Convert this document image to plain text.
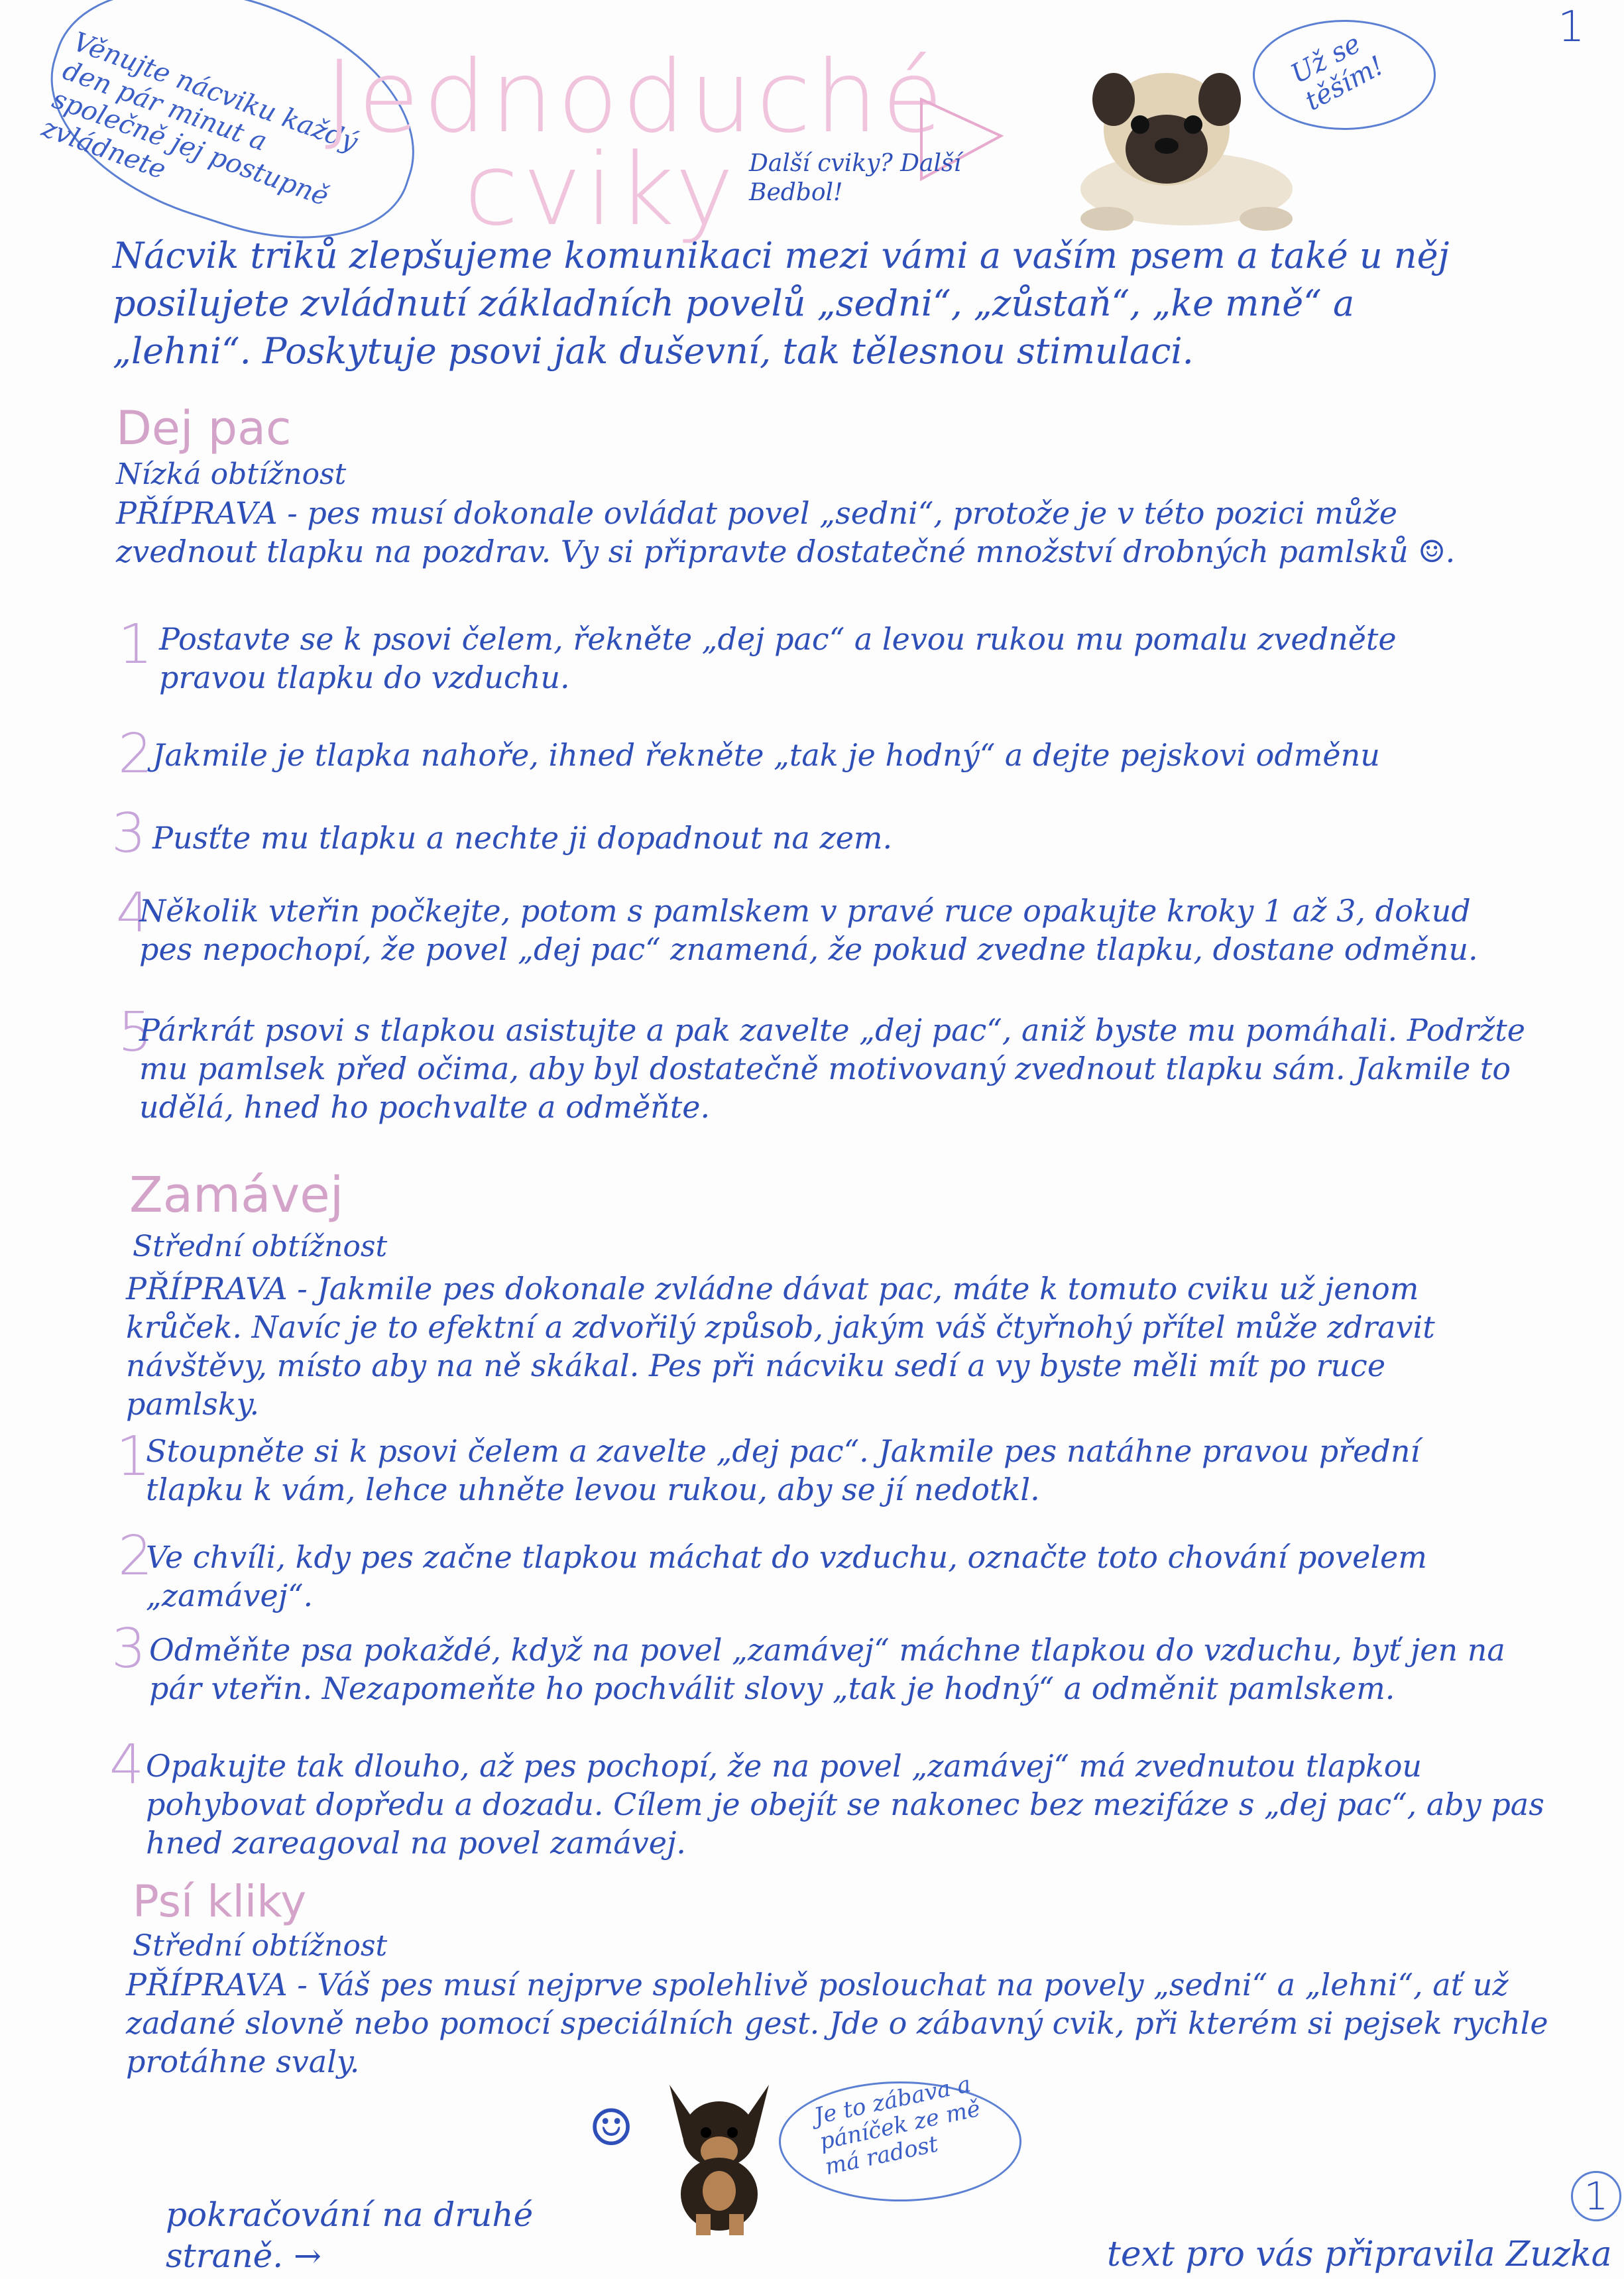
1
Věnujte nácviku každý den pár minut a společně jej postupně zvládnete	Jednoduché
cviky Další cviky? Další Bedbol!
Už se těším!
Nácvik triků zlepšujeme komunikaci mezi vámi a vaším psem a také u něj posilujete zvládnutí základních povelů „sedni“, „zůstaň“, „ke mně“ a „lehni“. Poskytuje psovi jak duševní, tak tělesnou stimulaci.
Dej pac
Nízká obtížnost
PŘÍPRAVA - pes musí dokonale ovládat povel „sedni“, protože je v této pozici může zvednout tlapku na pozdrav. Vy si připravte dostatečné množství drobných pamlsků ☺.
1 Postavte se k psovi čelem, řekněte „dej pac“ a levou rukou mu pomalu zvedněte pravou tlapku do vzduchu.
2 Jakmile je tlapka nahoře, ihned řekněte „tak je hodný“ a dejte pejskovi odměnu
3 Pusťte mu tlapku a nechte ji dopadnout na zem.
4
Několik vteřin počkejte, potom s pamlskem v pravé ruce opakujte kroky 1 až 3, dokud pes nepochopí, že povel „dej pac“ znamená, že pokud zvedne tlapku, dostane odměnu.
5
Párkrát psovi s tlapkou asistujte a pak zavelte „dej pac“, aniž byste mu pomáhali. Podržte mu pamlsek před očima, aby byl dostatečně motivovaný zvednout tlapku sám. Jakmile to udělá, hned ho pochvalte a odměňte.
Zamávej
Střední obtížnost
PŘÍPRAVA - Jakmile pes dokonale zvládne dávat pac, máte k tomuto cviku už jenom krůček. Navíc je to efektní a zdvořilý způsob, jakým váš čtyřnohý přítel může zdravit návštěvy, místo aby na ně skákal. Pes při nácviku sedí a vy byste měli mít po ruce pamlsky.
1
Stoupněte si k psovi čelem a zavelte „dej pac“. Jakmile pes natáhne pravou přední tlapku k vám, lehce uhněte levou rukou, aby se jí nedotkl.
2
Ve chvíli, kdy pes začne tlapkou máchat do vzduchu, označte toto chování povelem „zamávej“.
3 Odměňte psa pokaždé, když na povel „zamávej“ máchne tlapkou do vzduchu, byť jen na pár vteřin. Nezapomeňte ho pochválit slovy „tak je hodný“ a odměnit pamlskem.
4 Opakujte tak dlouho, až pes pochopí, že na povel „zamávej“ má zvednutou tlapkou pohybovat dopředu a dozadu. Cílem je obejít se nakonec bez mezifáze s „dej pac“, aby pas hned zareagoval na povel zamávej.
Psí kliky
Střední obtížnost
PŘÍPRAVA - Váš pes musí nejprve spolehlivě poslouchat na povely „sedni“ a „lehni“, ať už zadané slovně nebo pomocí speciálních gest. Jde o zábavný cvik, při kterém si pejsek rychle protáhne svaly.
☺	Je to zábava a páníček ze mě má radost
pokračování na druhé straně. →
1
text pro vás připravila Zuzka
